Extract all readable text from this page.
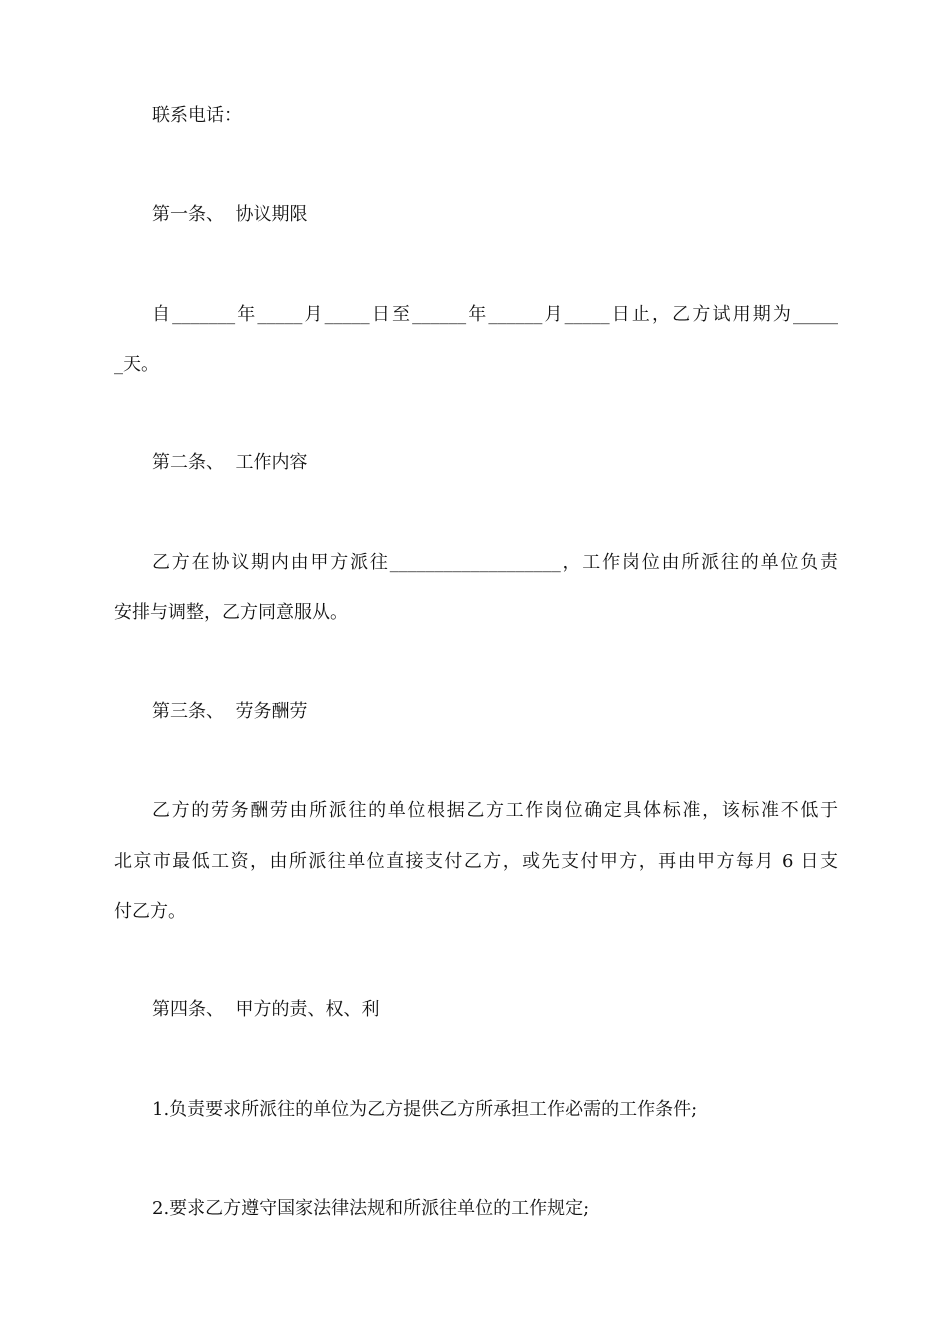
联系电话：
第一条、  协议期限
自_______年_____月_____日至______年______月_____日止，乙方试用期为_____
_天。
第二条、  工作内容
乙方在协议期内由甲方派往___________________，工作岗位由所派往的单位负责
安排与调整，乙方同意服从。
第三条、  劳务酬劳
乙方的劳务酬劳由所派往的单位根据乙方工作岗位确定具体标准，该标准不低于
北京市最低工资，由所派往单位直接支付乙方，或先支付甲方，再由甲方每月 6 日支
付乙方。
第四条、  甲方的责、权、利
1.负责要求所派往的单位为乙方提供乙方所承担工作必需的工作条件;
2.要求乙方遵守国家法律法规和所派往单位的工作规定;
